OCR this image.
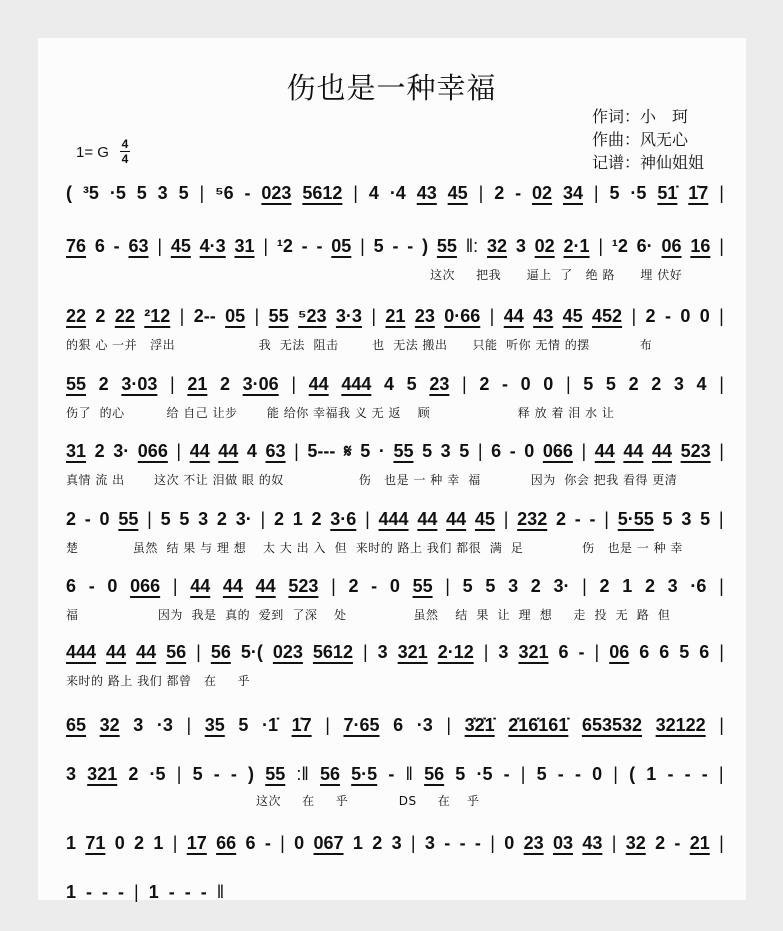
伤也是一种幸福
作词：小　珂
作曲：风无心
记谱：神仙姐姐
1= G 4
4
( ³5 ·5 5 3 5 | ⁵6 - 023 5612 | 4 ·4 43 45 | 2 - 02 34 | 5 ·5 51̇ 1̇7 |
76 6 - 63 | 45 4·3 31 | ¹2 - - 05 | 5 - - ) 55 ‖: 32 3 02 2·1 | ¹2 6· 06 16 |
这次　  把我　   逼上  了   绝 路　   埋 伏好
22 2 22 ²12 | 2-- 05 | 55 ⁵23 3·3 | 21 23 0·66 | 44 43 45 452 | 2 - 0 0 |
的狠 心 一并   浮出　　　　　　  我  无法  阻击　　  也  无法 搬出　　只能  听你 无情 的摆　　　　布
55 2 3·03 | 21 2 3·06 | 44 444 4 5 23 | 2 - 0 0 | 5 5 2 2 3 4 |
伤了  的心　　　 给 自己 让步　　 能 给你 幸福我 义 无 返　 顾　　　　　　　释 放 着 泪 水 让
31 2 3· 066 | 44 44 4 63 | 5--- 𝄋 5 · 55 5 3 5 | 6 - 0 066 | 44 44 44 523 |
真情 流 出　　 这次 不让 泪做 眼 的奴　　　　　　伤   也是 一 种 幸  福　　　　因为  你会 把我 看得 更清
2 - 0 55 | 5 5 3 2 3· | 2 1 2 3·6 | 444 44 44 45 | 232 2 - - | 5·55 5 3 5 |
楚　　　　 虽然  结 果 与 理 想　 太 大 出 入  但  来时的 路上 我们 都很  满  足　　　　  伤   也是 一 种 幸
6 - 0 066 | 44 44 44 523 | 2 - 0 55 | 5 5 3 2 3· | 2 1 2 3 ·6 |
福　　　　　　 因为  我是  真的  爱到  了深　 处　　　　　 虽然　 结  果  让  理  想　  走  投  无  路  但
444 44 44 56 | 56 5·( 023 5612 | 3 321 2·12 | 3 321 6 - | 06 6 6 5 6 |
来时的 路上 我们 都曾　在　  乎
65 32 3 ·3 | 35 5 ·1̇ 1̇7 | 7·65 6 ·3 | 3̇2̇1̇ 2̇16̇161̇ 653532 32122 |
3 321 2 ·5 | 5 - - ) 55 :‖ 56 5·5 - ‖ 56 5 ·5 - | 5 - - 0 | ( 1 - - - |
这次　  在　  乎　　　   DS　  在　 乎
1 71 0 2 1 | 17 66 6 - | 0 067 1 2 3 | 3 - - - | 0 23 03 43 | 32 2 - 21 |
1 - - - | 1 - - - ‖
